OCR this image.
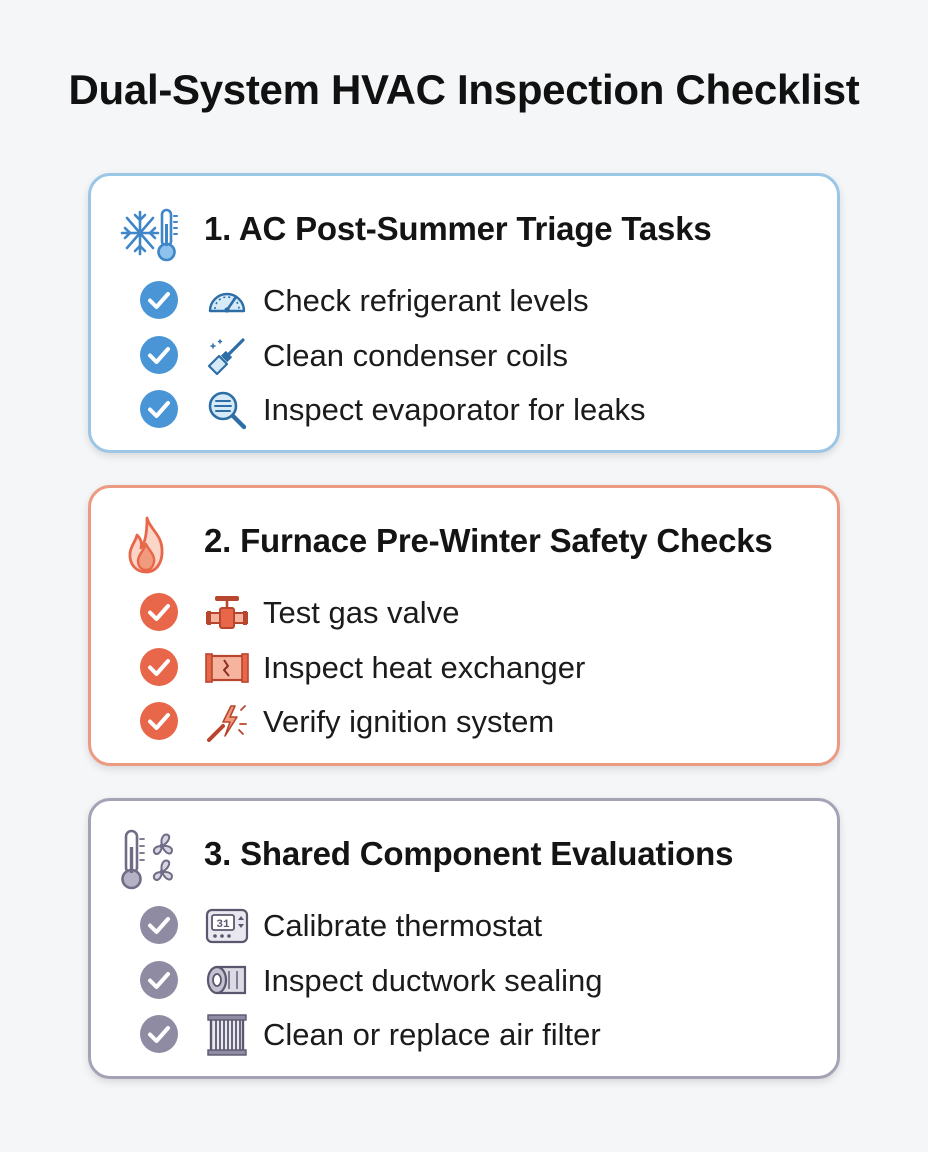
Dual-System HVAC Inspection Checklist
1. AC Post-Summer Triage Tasks
Check refrigerant levels
Clean condenser coils
Inspect evaporator for leaks
2. Furnace Pre-Winter Safety Checks
Test gas valve
Inspect heat exchanger
Verify ignition system
3. Shared Component Evaluations
31 Calibrate thermostat
Inspect ductwork sealing
Clean or replace air filter
